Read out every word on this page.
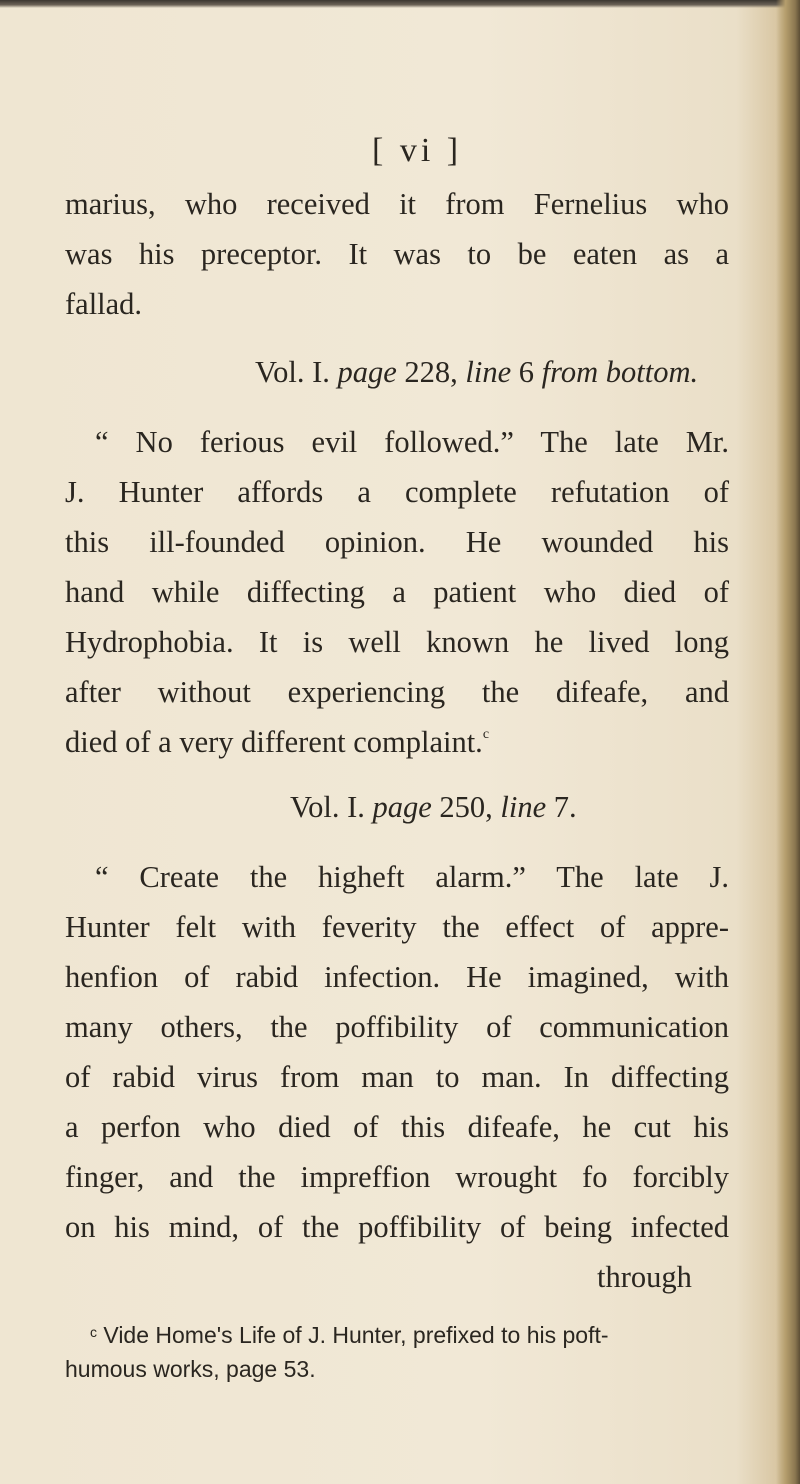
[ vi ]
marius, who received it from Fernelius who
was his preceptor. It was to be eaten as a
fallad.
Vol. I. page 228, line 6 from bottom.
“ No ferious evil followed.” The late Mr.
J. Hunter affords a complete refutation of
this ill-founded opinion. He wounded his
hand while diffecting a patient who died of
Hydrophobia. It is well known he lived long
after without experiencing the difeafe, and
died of a very different complaint.$^c$
Vol. I. page 250, line 7.
“ Create the higheft alarm.” The late J.
Hunter felt with feverity the effect of appre-
henfion of rabid infection. He imagined, with
many others, the poffibility of communication
of rabid virus from man to man. In diffecting
a perfon who died of this difeafe, he cut his
finger, and the impreffion wrought fo forcibly
on his mind, of the poffibility of being infected
through
$^c$ Vide Home's Life of J. Hunter, prefixed to his poft-
humous works, page 53.
